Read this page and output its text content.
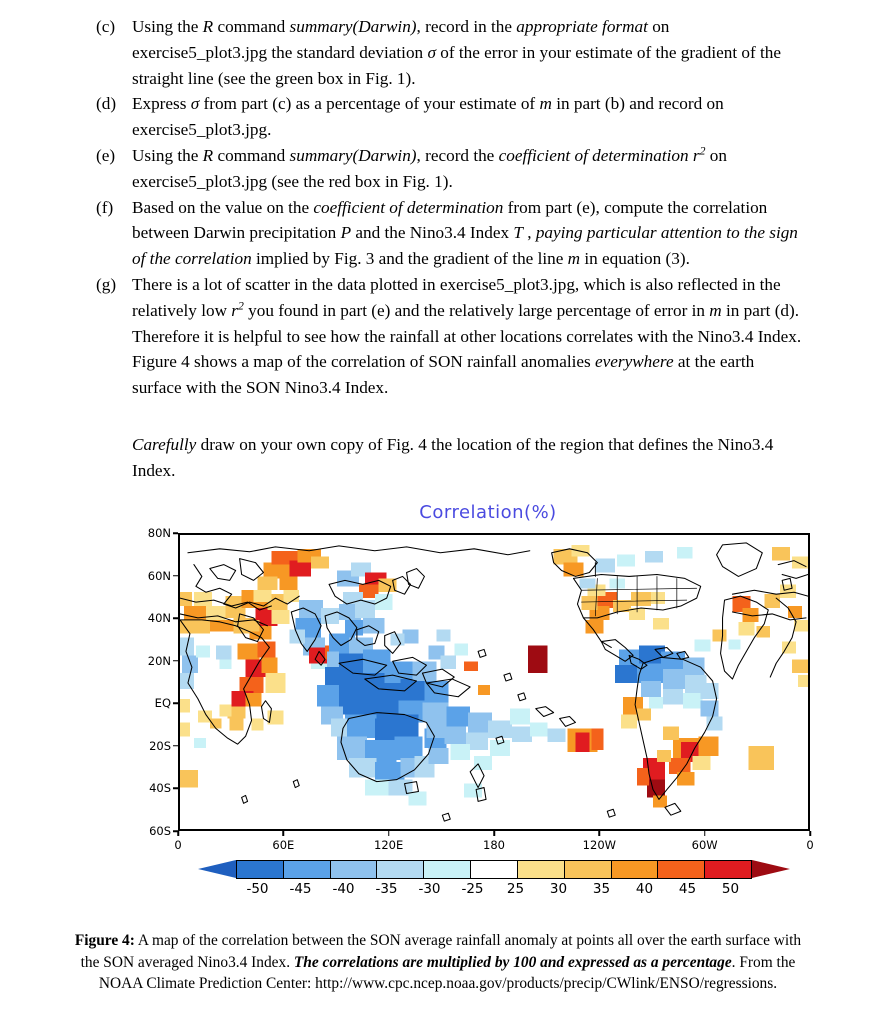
(c) Using the R command summary(Darwin), record in the appropriate format on exercise5_plot3.jpg the standard deviation σ of the error in your estimate of the gradient of the straight line (see the green box in Fig. 1).
(d) Express σ from part (c) as a percentage of your estimate of m in part (b) and record on exercise5_plot3.jpg.
(e) Using the R command summary(Darwin), record the coefficient of determination $r^2$ on exercise5_plot3.jpg (see the red box in Fig. 1).
(f)	Based on the value on the coefficient of determination from part (e), compute the correlation between Darwin precipitation P and the Nino3.4 Index T , paying particular attention to the sign of the correlation implied by Fig. 3 and the gradient of the line m in equation (3).
(g) There is a lot of scatter in the data plotted in exercise5_plot3.jpg, which is also reflected in the relatively low $r^2$ you found in part (e) and the relatively large percentage of error in m in part (d). Therefore it is helpful to see how the rainfall at other locations correlates with the Nino3.4 Index. Figure 4 shows a map of the correlation of SON rainfall anomalies everywhere at the earth surface with the SON Nino3.4 Index.
Carefully draw on your own copy of Fig. 4 the location of the region that defines the Nino3.4 Index.
Correlation(%)
80N
60N
40N
20N
EQ
20S
40S
60S
0	60E	120E	180	120W	60W	0
-50 -45 -40 -35 -30 -25 25 30 35 40 45 50
Figure 4: A map of the correlation between the SON average rainfall anomaly at points all over the earth surface with the SON averaged Nino3.4 Index. The correlations are multiplied by 100 and expressed as a percentage. From the NOAA Climate Prediction Center: http://www.cpc.ncep.noaa.gov/products/precip/CWlink/ENSO/regressions.
